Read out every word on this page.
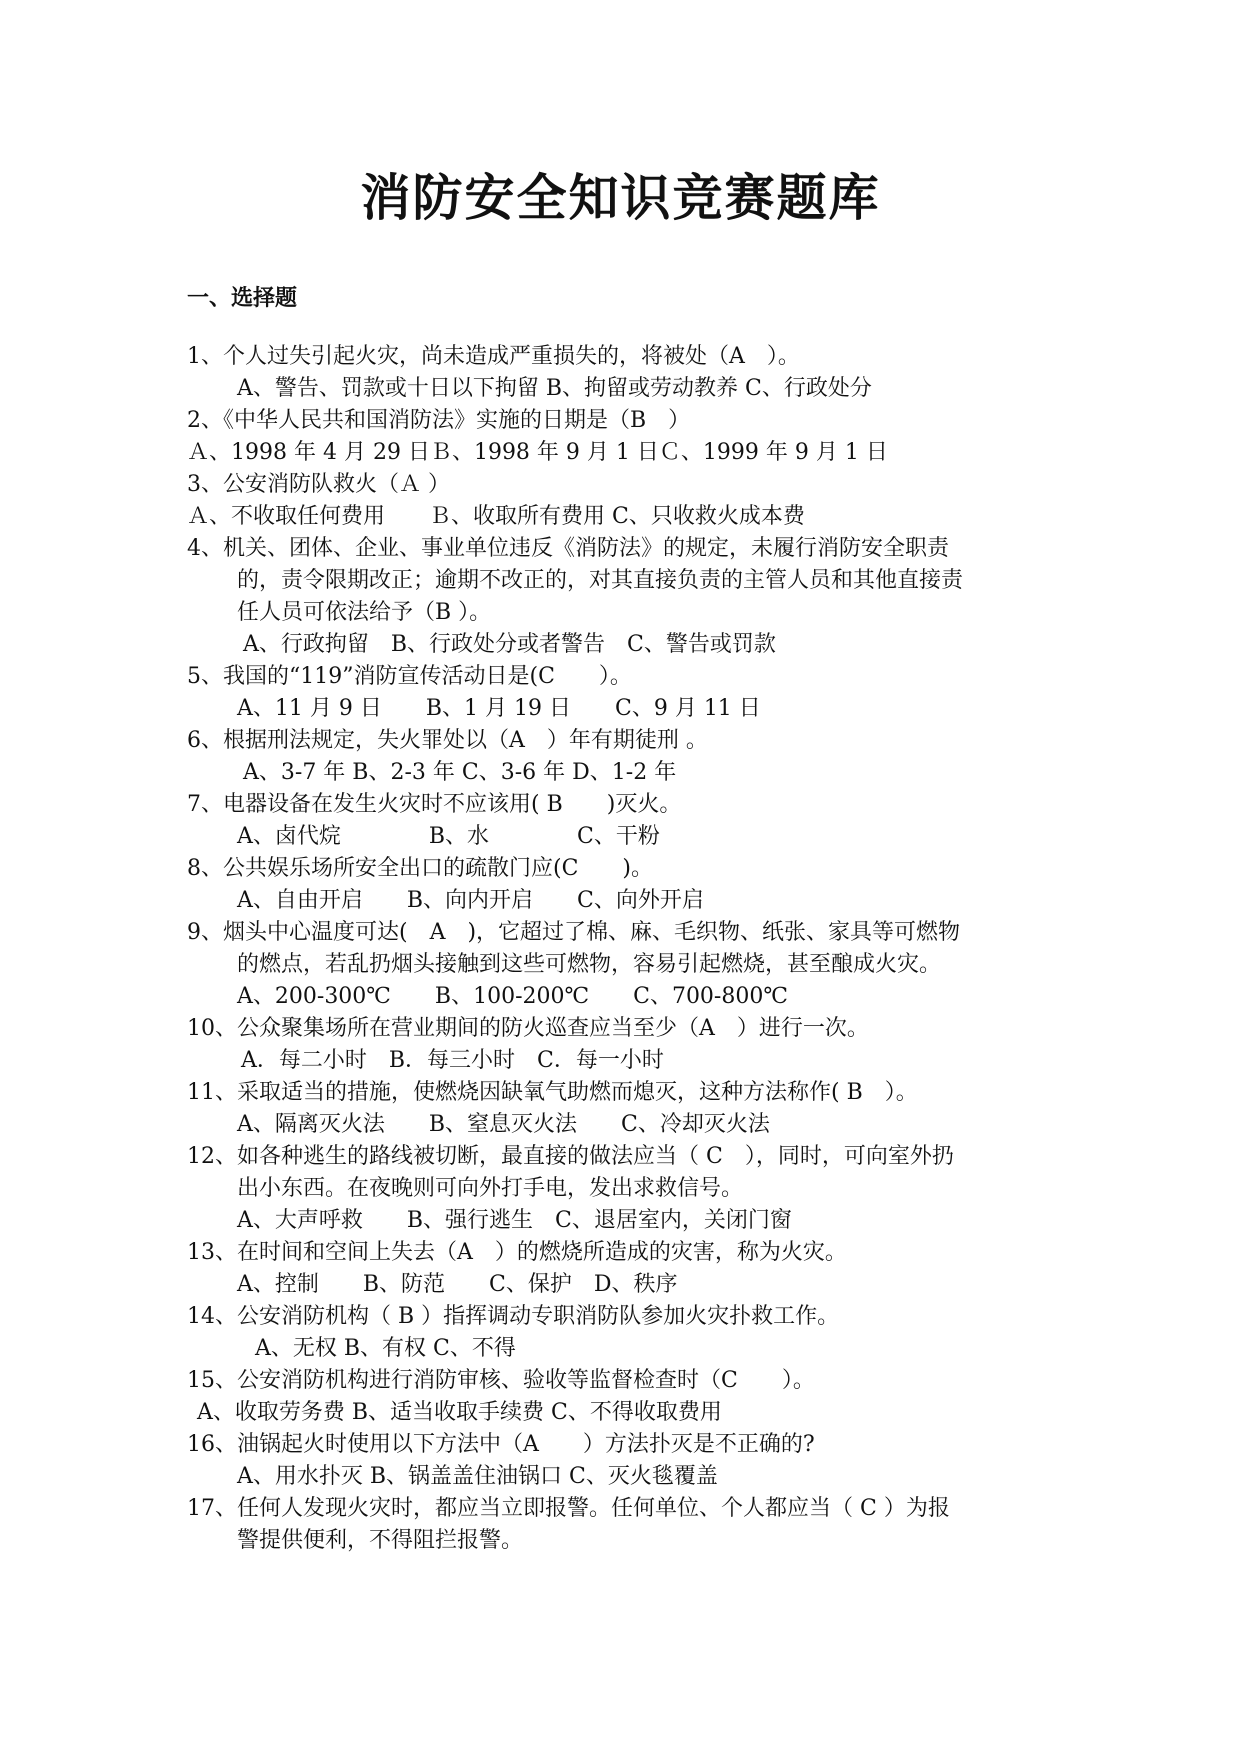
消防安全知识竞赛题库
一、选择题
1、个人过失引起火灾，尚未造成严重损失的，将被处（A　）。
A、警告、罚款或十日以下拘留 B、拘留或劳动教养 C、行政处分
2、《中华人民共和国消防法》实施的日期是（B　）
Ａ、1998 年 4 月 29 日Ｂ、1998 年 9 月 1 日Ｃ、1999 年 9 月 1 日
3、公安消防队救火（Ａ ）
Ａ、不收取任何费用　　Ｂ、收取所有费用 C、只收救火成本费
4、机关、团体、企业、事业单位违反《消防法》的规定，未履行消防安全职责
的，责令限期改正；逾期不改正的，对其直接负责的主管人员和其他直接责
任人员可依法给予（B ）。
A、行政拘留　B、行政处分或者警告　C、警告或罚款
5、我国的“119”消防宣传活动日是(C　　）。
A、11 月 9 日　　B、1 月 19 日　　C、9 月 11 日
6、根据刑法规定，失火罪处以（A　）年有期徒刑 。
A、3-7 年 B、2-3 年 C、3-6 年 D、1-2 年
7、电器设备在发生火灾时不应该用( B　　)灭火。
A、卤代烷　　　　B、水　　　　C、干粉
8、公共娱乐场所安全出口的疏散门应(C　　)。
A、自由开启　　B、向内开启　　C、向外开启
9、烟头中心温度可达(　A　)，它超过了棉、麻、毛织物、纸张、家具等可燃物
的燃点，若乱扔烟头接触到这些可燃物，容易引起燃烧，甚至酿成火灾。
A、200-300℃　　B、100-200℃　　C、700-800℃
10、公众聚集场所在营业期间的防火巡查应当至少（A　）进行一次。
A．每二小时　B．每三小时　C．每一小时
11、采取适当的措施，使燃烧因缺氧气助燃而熄灭，这种方法称作( B　）。
A、隔离灭火法　　B、窒息灭火法　　C、冷却灭火法
12、如各种逃生的路线被切断，最直接的做法应当（ C　），同时，可向室外扔
出小东西。在夜晚则可向外打手电，发出求救信号。
A、大声呼救　　B、强行逃生　C、退居室内，关闭门窗
13、在时间和空间上失去（A　）的燃烧所造成的灾害，称为火灾。
A、控制　　B、防范　　C、保护　D、秩序
14、公安消防机构（ B ）指挥调动专职消防队参加火灾扑救工作。
A、无权 B、有权 C、不得
15、公安消防机构进行消防审核、验收等监督检查时（C　　）。
A、收取劳务费 B、适当收取手续费 C、不得收取费用
16、油锅起火时使用以下方法中（A　　）方法扑灭是不正确的?
A、用水扑灭 B、锅盖盖住油锅口 C、灭火毯覆盖
17、任何人发现火灾时，都应当立即报警。任何单位、个人都应当（ C ）为报
警提供便利，不得阻拦报警。
